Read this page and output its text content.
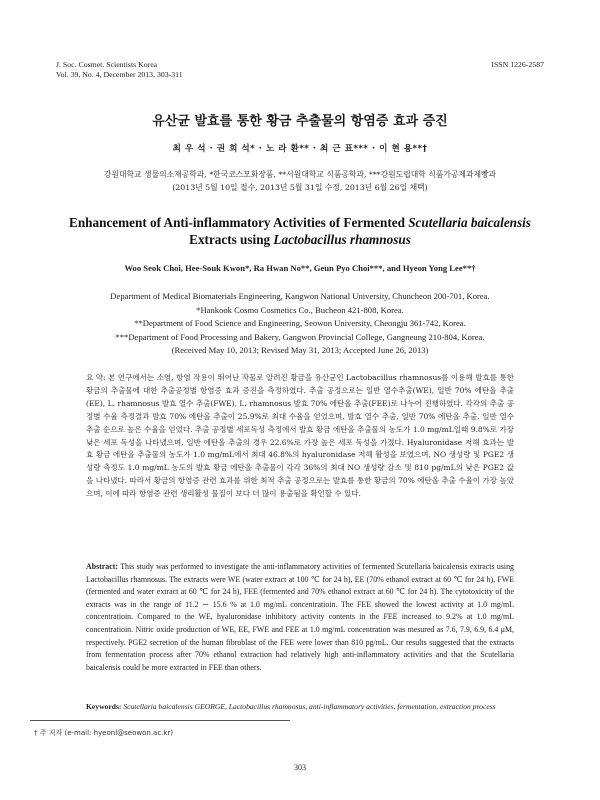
J. Soc. Cosmet. Scientists Korea
Vol. 39, No. 4, December 2013, 303-311
ISSN 1226-2587
유산균 발효를 통한 황금 추출물의 항염증 효과 증진
최 우 석 · 권 희 석* · 노 라 환** · 최 근 표*** · 이 현 용**†
강원대학교 생물의소재공학과, *한국코스모화장품, **서원대학교 식품공학과, ***강원도립대학 식품가공제과제빵과
(2013년 5월 10일 접수, 2013년 5월 31일 수정, 2013년 6월 26일 채택)
Enhancement of Anti-inflammatory Activities of Fermented Scutellaria baicalensis
Extracts using Lactobacillus rhamnosus
Woo Seok Choi, Hee-Souk Kwon*, Ra Hwan No**, Geun Pyo Choi***, and Hyeon Yong Lee**†
Department of Medical Biomaterials Engineering, Kangwon National University, Chuncheon 200-701, Korea.
*Hankook Cosmo Cosmetics Co., Bucheon 421-808, Korea.
**Department of Food Science and Engineering, Seowon University, Cheongju 361-742, Korea.
***Department of Food Processing and Bakery, Gangwon Provincial College, Gangneung 210-804, Korea.
(Received May 10, 2013; Revised May 31, 2013; Accepted June 26, 2013)
요 약: 본 연구에서는 소염, 항염 작용이 뛰어난 작물로 알려진 황금을 유산균인 Lactobacillus rhamnosus를 이용해 발효를 통한 황금의 추출물에 대한 추출공정별 항염증 효과 증진을 측정하였다. 추출 공정으로는 일반 열수추출(WE), 일반 70% 에탄올 추출(EE), L. rhamnosus 발효 열수 추출(FWE), L. rhamnosus 발효 70% 에탄올 추출(FEE)로 나누어 진행하였다. 각각의 추출 공정별 수율 측정결과 발효 70% 에탄올 추출이 25.9%로 최대 수율을 얻었으며, 발효 열수 추출, 일반 70% 에탄올 추출, 일반 열수 추출 순으로 높은 수율을 얻었다. 추출 공정별 세포독성 측정에서 발효 황금 에탄올 추출물의 농도가 1.0 mg/mL일때 9.8%로 가장 낮은 세포 독성을 나타냈으며, 일반 에탄올 추출의 경우 22.6%로 가장 높은 세포 독성을 가졌다. Hyaluronidase 저해 효과는 발효 황금 에탄올 추출물의 농도가 1.0 mg/mL에서 최대 46.8%의 hyaluronidase 저해 활성을 보였으며, NO 생성량 및 PGE2 생성량 측정도 1.0 mg/mL 농도의 발효 황금 에탄올 추출물이 각각 36%의 최대 NO 생성량 감소 및 810 pg/mL의 낮은 PGE2 값을 나타냈다. 따라서 황금의 항염증 관련 효과를 위한 최적 추출 공정으로는 발효를 통한 황금의 70% 에탄올 추출 수율이 가장 높았으며, 이에 따라 항염증 관련 생리활성 물질이 보다 더 많이 용출됨을 확인할 수 있다.
Abstract: This study was performed to investigate the anti-inflammatory activities of fermented Scutellaria baicalensis extracts using Lactobacillus rhamnosus. The extracts were WE (water extract at 100 ℃ for 24 h), EE (70% ethanol extract at 60 ℃ for 24 h), FWE (fermented and water extract at 60 ℃ for 24 h), FEE (fermented and 70% ethanol extract at 60 ℃ for 24 h). The cytotoxicity of the extracts was in the range of 11.2 ∼ 15.6 % at 1.0 mg/mL concentratioin. The FEE showed the lowest activity at 1.0 mg/mL concentratioin. Compared to the WE, hyaluronidase inhibitory activity contents in the FEE increased to 9.2% at 1.0 mg/mL concentratioin. Nitric oxide production of WE, EE, FWE and FEE at 1.0 mg/mL concentration was mesured as 7.6, 7.9, 6.9, 6.4 μM, respectively. PGE2 secretion of the human fibroblast of the FEE were lower than 810 pg/mL. Our results suggested that the extracts from fermentation process after 70% ethanol extraction had relatively high anti-inflammatory activities and that the Scutellaria baicalensis could be more extracted in FEE than others.
Keywords: Scutellaria baicalensis GEORGE, Lactobacillus rhamnosus, anti-inflammatory activities, fermentation, extraction process
† 주 저자 (e-mail: hyeonl@seowon.ac.kr)
303
